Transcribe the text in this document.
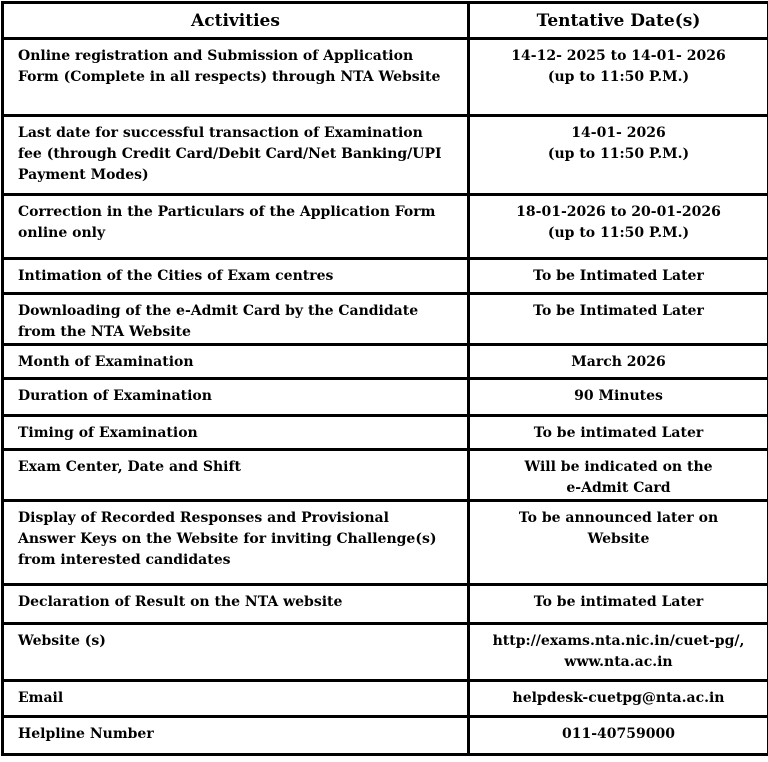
Activities	Tentative Date(s)

Online registration and Submission of Application
Form (Complete in all respects) through NTA Website	14-12- 2025 to 14-01- 2026
(up to 11:50 P.M.)

Last date for successful transaction of Examination
fee (through Credit Card/Debit Card/Net Banking/UPI
Payment Modes)	14-01- 2026
(up to 11:50 P.M.)

Correction in the Particulars of the Application Form
online only	18-01-2026 to 20-01-2026
(up to 11:50 P.M.)

Intimation of the Cities of Exam centres	To be Intimated Later

Downloading of the e-Admit Card by the Candidate
from the NTA Website	To be Intimated Later

Month of Examination	March 2026

Duration of Examination	90 Minutes

Timing of Examination	To be intimated Later

Exam Center, Date and Shift	Will be indicated on the
e-Admit Card

Display of Recorded Responses and Provisional
Answer Keys on the Website for inviting Challenge(s)
from interested candidates	To be announced later on
Website

Declaration of Result on the NTA website	To be intimated Later

Website (s)	http://exams.nta.nic.in/cuet-pg/,
www.nta.ac.in

Email	helpdesk-cuetpg@nta.ac.in

Helpline Number	011-40759000
